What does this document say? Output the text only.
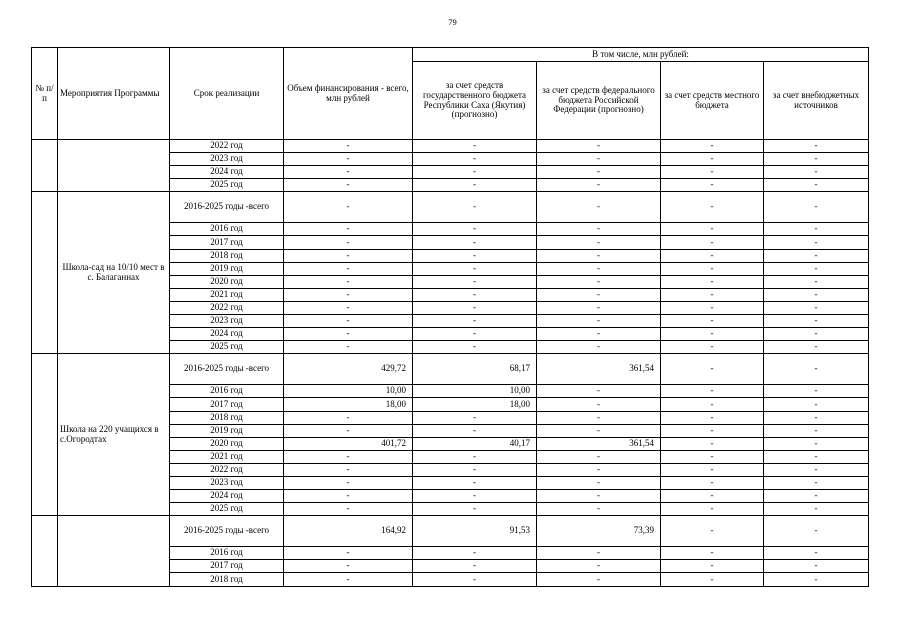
79
№ п/п	Мероприятия Программы	Срок реализации	Объем финансирования - всего, млн рублей	В том числе, млн рублей:			
				за счет средств государственного бюджета Республики Саха (Якутия) (прогнозно)	за счет средств федерального бюджета Российской Федерации (прогнозно)	за счет средств местного бюджета	за счет внебюджетных источников
		2022 год	-	-	-	-	-
		2023 год	-	-	-	-	-
		2024 год	-	-	-	-	-
		2025 год	-	-	-	-	-
	Школа-сад на 10/10 мест в с. Балаганнах	2016-2025 годы -всего	-	-	-	-	-
		2016 год	-	-	-	-	-
		2017 год	-	-	-	-	-
		2018 год	-	-	-	-	-
		2019 год	-	-	-	-	-
		2020 год	-	-	-	-	-
		2021 год	-	-	-	-	-
		2022 год	-	-	-	-	-
		2023 год	-	-	-	-	-
		2024 год	-	-	-	-	-
		2025 год	-	-	-	-	-
	Школа на 220 учащихся в с.Огородтах	2016-2025 годы -всего	429,72	68,17	361,54	-	-
		2016 год	10,00	10,00	-	-	-
		2017 год	18,00	18,00	-	-	-
		2018 год	-	-	-	-	-
		2019 год	-	-	-	-	-
		2020 год	401,72	40,17	361,54	-	-
		2021 год	-	-	-	-	-
		2022 год	-	-	-	-	-
		2023 год	-	-	-	-	-
		2024 год	-	-	-	-	-
		2025 год	-	-	-	-	-
		2016-2025 годы -всего	164,92	91,53	73,39	-	-
		2016 год	-	-	-	-	-
		2017 год	-	-	-	-	-
		2018 год	-	-	-	-	-
